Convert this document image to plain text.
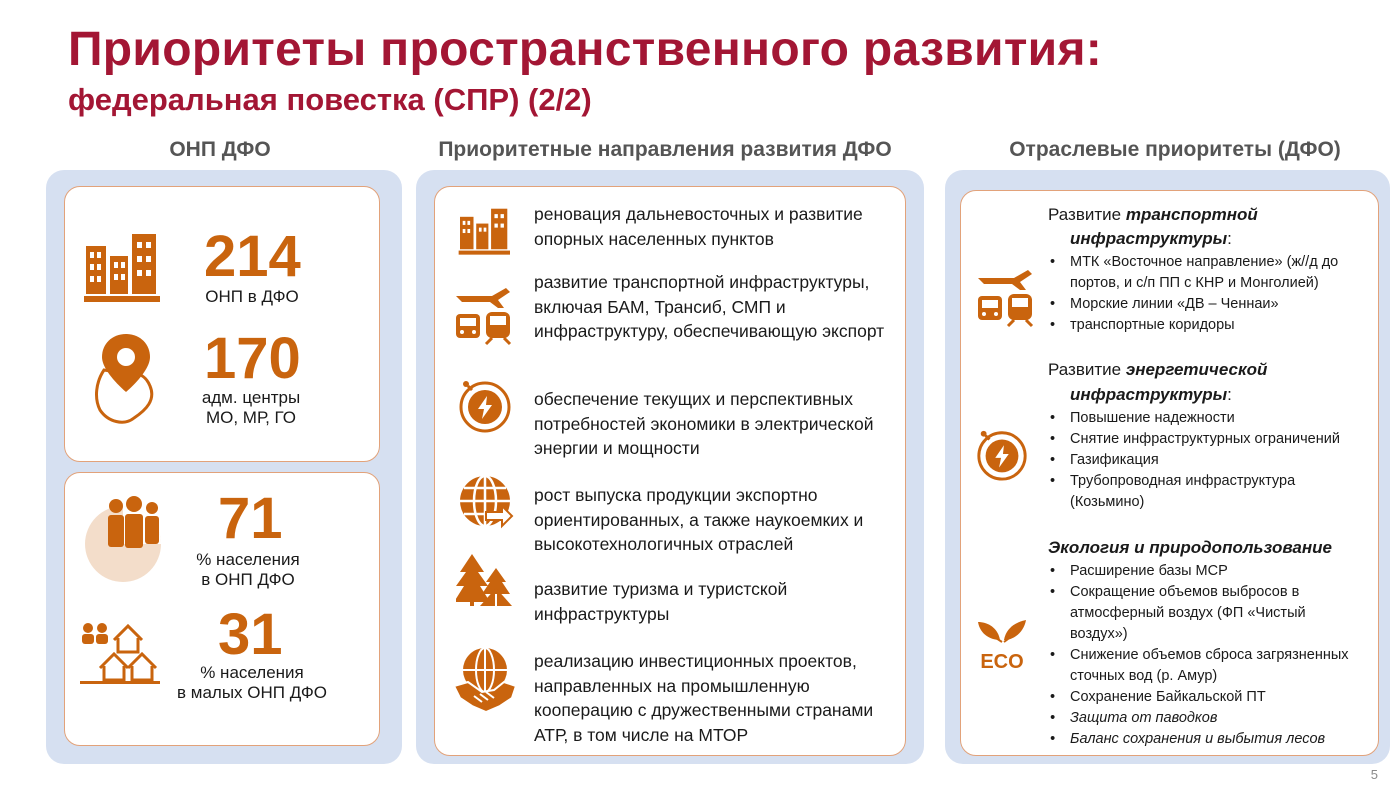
Приоритеты пространственного развития:
федеральная повестка (СПР) (2/2)
ОНП ДФО	Приоритетные направления развития ДФО	Отраслевые приоритеты (ДФО)
214
ОНП в ДФО
170
адм. центры
МО, МР, ГО
71
% населения
в ОНП ДФО
31
% населения
в малых ОНП ДФО
реновация дальневосточных и развитие опорных населенных пунктов
развитие транспортной инфраструктуры, включая БАМ, Трансиб, СМП и инфраструктуру, обеспечивающую экспорт
обеспечение текущих и перспективных потребностей экономики в электрической энергии и мощности
рост выпуска продукции экспортно ориентированных, а также наукоемких и высокотехнологичных отраслей
развитие туризма и туристской инфраструктуры
реализацию инвестиционных проектов, направленных на промышленную кооперацию с дружественными странами АТР, в том числе на МТОР
Развитие транспортной
инфраструктуры:
• МТК «Восточное направление» (ж//д до портов, и с/п ПП с КНР и Монголией)
• Морские линии «ДВ – Ченнаи»
• транспортные коридоры
Развитие энергетической
инфраструктуры:
• Повышение надежности
• Снятие инфраструктурных ограничений
• Газификация
• Трубопроводная инфраструктура (Козьмино)
Экология и природопользование
ECO
• Расширение базы МСР
• Сокращение объемов выбросов в атмосферный воздух (ФП «Чистый воздух»)
• Снижение объемов сброса загрязненных сточных вод (р. Амур)
• Сохранение Байкальской ПТ
• Защита от паводков
• Баланс сохранения и выбытия лесов
5
